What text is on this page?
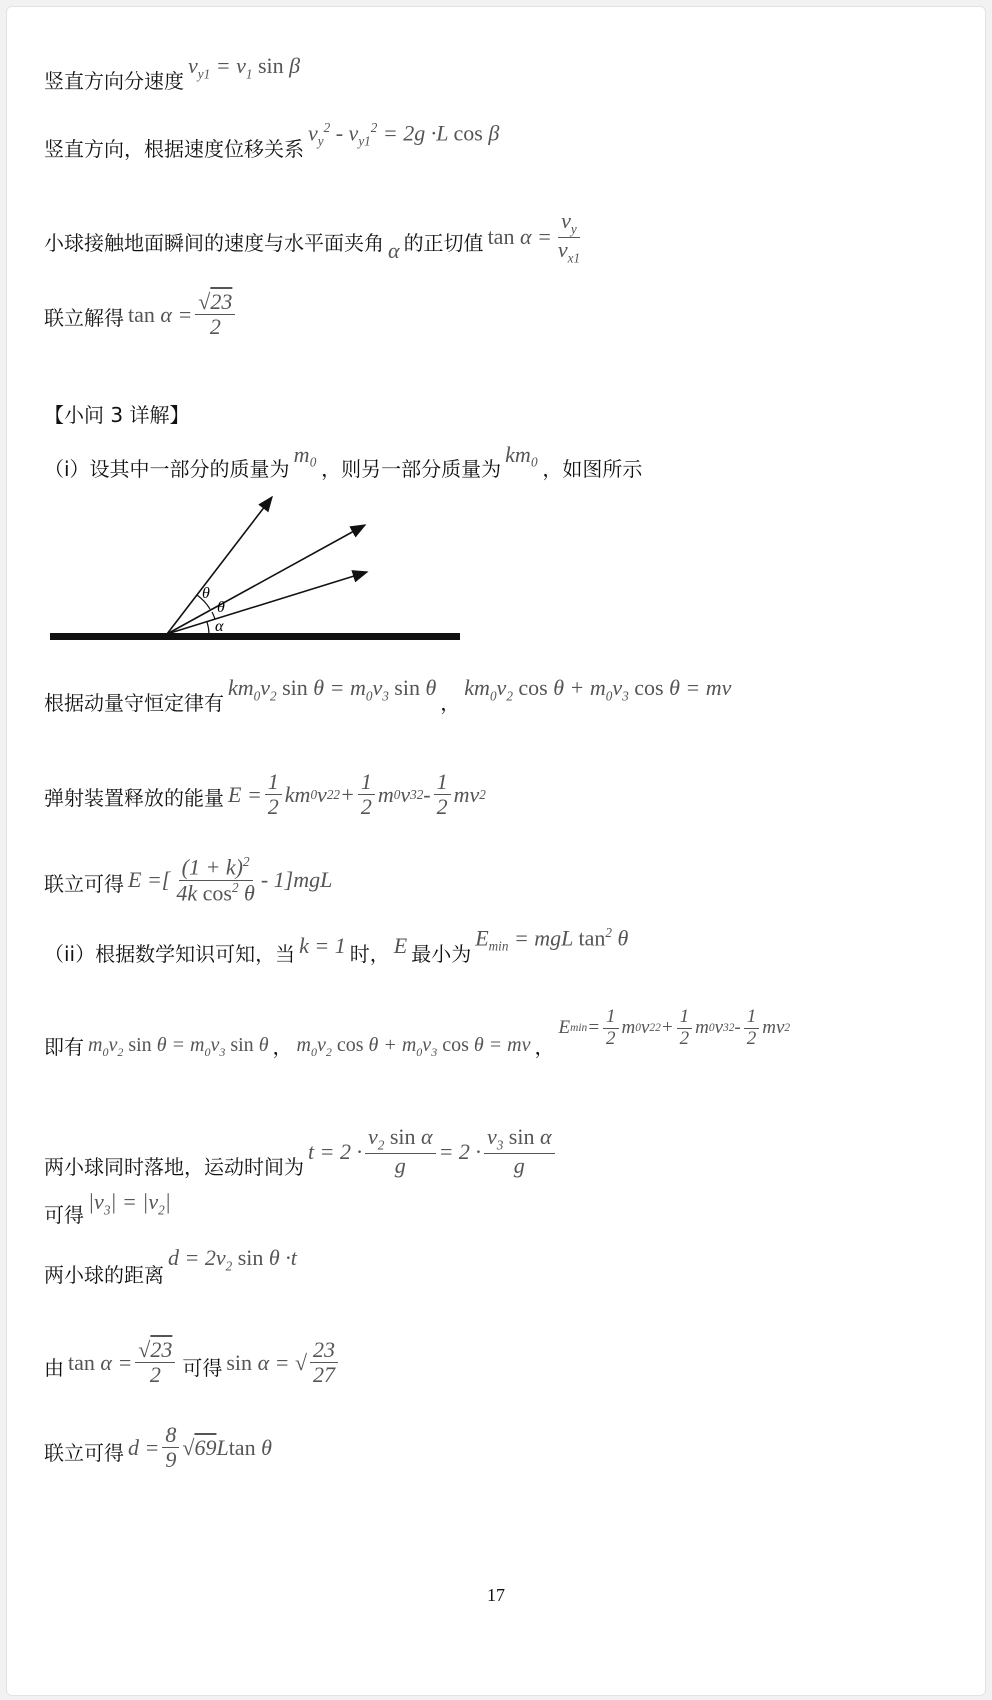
竖直方向分速度
$v_{y1} = v_1$ sin β
竖直方向，根据速度位移关系
$v_y^2 - v_{y1}^2 = 2g \cdot L$ cos β
小球接触地面瞬间的速度与水平面夹角 α 的正切值 $\tan \alpha = \frac{v_y}{v_{x1}}$
联立解得 $\tan \alpha = \frac{√23}{2}$
【小问 3 详解】
（i）设其中一部分的质量为
m₀
，则另一部分质量为
km₀
，如图所示
θ
θ
α
根据动量守恒定律有
$km_0v_2$ $\sin \theta = m_0v_3$ sin θ
，
$km_0v_2$ $\cos \theta + m_0v_3$ cos θ = mv
弹射装置释放的能量 $E = \frac{1}{2}$ km 0 v 2 $2 + \frac{1}{2}$ m 0 v 3 $2 - \frac{1}{2}$ mv 2
联立可得 E =[ $\frac{(1 + k)^2}{4k \cos^2 \theta} - 1]mgL$
（ii）根据数学知识可知，当 k = 1 时， E 最小为
$E_{min}$ = mgL $\tan^2 \theta$
即有 $m_0v_2$ $\sin \theta = m_0v_3$ sin θ ， $m_0v_2$ $\cos \theta + m_0v_3$ cos θ = mv ，
E $\min = \frac{1}{2}$ m 0 v 2 $2 + \frac{1}{2}$ m 0 v 3 $2 - \frac{1}{2}$ mv 2
两小球同时落地，运动时间为
$t = 2 \cdot \frac{v_2 \sin \alpha}{g} = 2 \cdot \frac{v_3 \sin \alpha}{g}$
可得
$|v_3| = |v_2|$
两小球的距离
$d = 2v_2$ sin θ ·t
由 $\tan \alpha = \frac{√23}{2}$ 可得 sin α = √ $\frac{23}{27}$
联立可得 $d = \frac{8}{9}$ √ 69 L tan θ
17
